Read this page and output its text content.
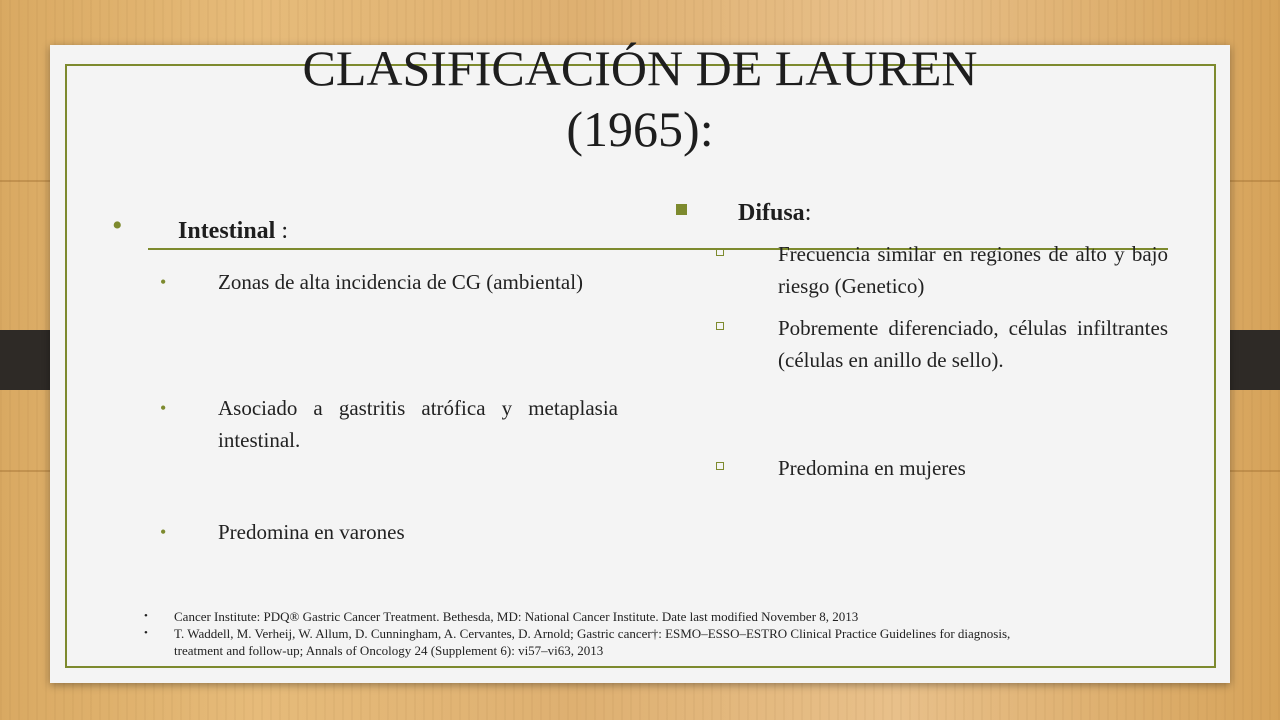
CLASIFICACIÓN DE LAUREN
(1965):
• Intestinal :
• Zonas de alta incidencia de CG (ambiental)
• Asociado a gastritis atrófica y metaplasia intestinal.
• Predomina en varones
Difusa:
Frecuencia similar en regiones de alto y bajo riesgo (Genetico)
Pobremente diferenciado, células infiltrantes (células en anillo de sello).
Predomina en mujeres
• Cancer Institute: PDQ® Gastric Cancer Treatment. Bethesda, MD: National Cancer Institute. Date last modified November 8, 2013
• T. Waddell, M. Verheij, W. Allum, D. Cunningham, A. Cervantes, D. Arnold; Gastric cancer†: ESMO–ESSO–ESTRO Clinical Practice Guidelines for diagnosis, treatment and follow-up; Annals of Oncology 24 (Supplement 6): vi57–vi63, 2013
